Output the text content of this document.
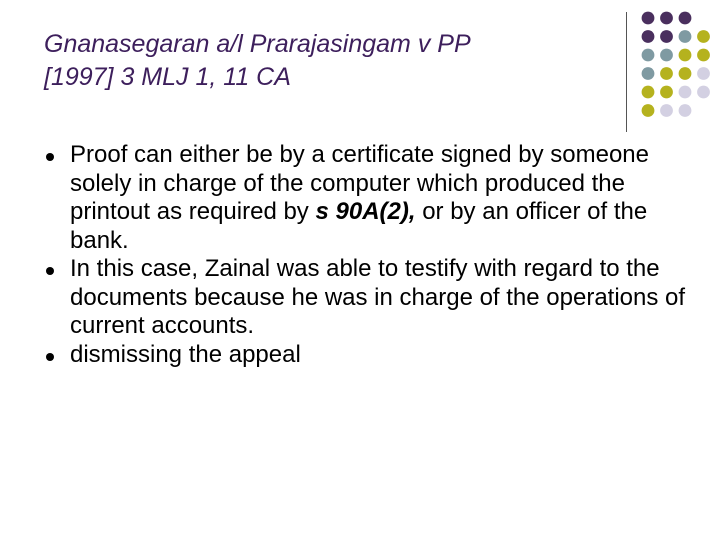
Gnanasegaran a/l Prarajasingam v PP
[1997] 3 MLJ 1, 11 CA
Proof can either be by a certificate signed by someone solely in charge of the computer which produced the printout as required by s 90A(2), or by an officer of the bank.
In this case, Zainal was able to testify with regard to the documents because he was in charge of the operations of current accounts.
dismissing the appeal
